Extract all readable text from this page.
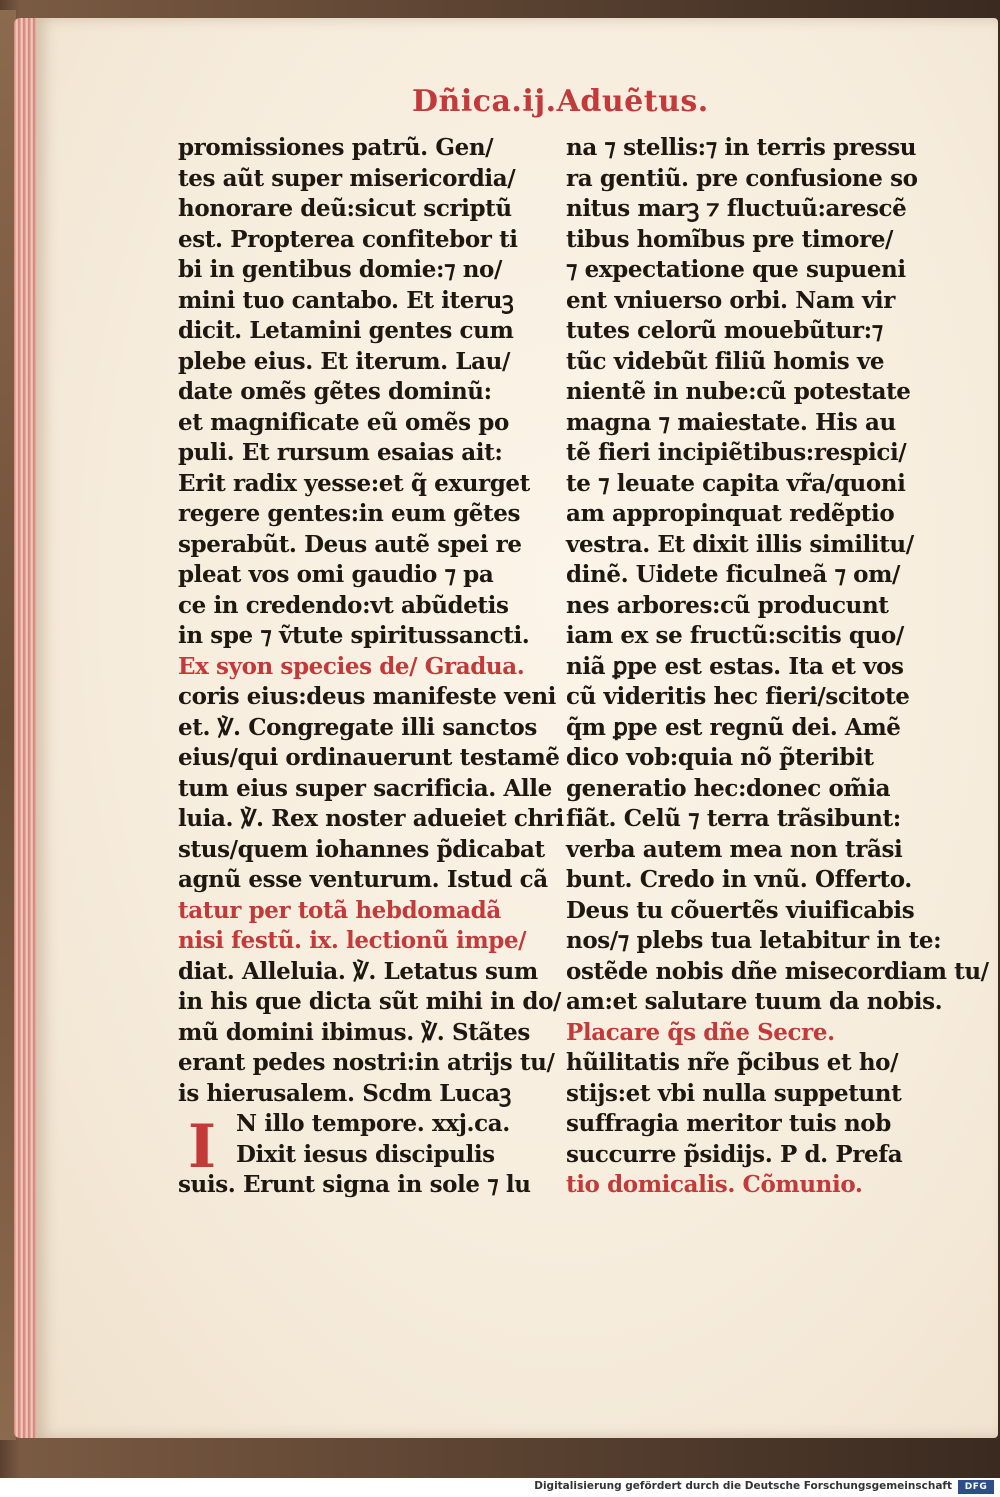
Dñica.ij.Aduẽtus.
I
promissiones patrũ. Gen/
tes aũt super misericordia/
honorare deũ:sicut scriptũ
est. Propterea confitebor ti
bi in gentibus domie:⁊ no/
mini tuo cantabo. Et iteruꝫ
dicit. Letamini gentes cum
plebe eius. Et iterum. Lau/
date omẽs gẽtes dominũ:
et magnificate eũ omẽs po
puli. Et rursum esaias ait:
Erit radix yesse:et q̃ exurget
regere gentes:in eum gẽtes
sperabũt. Deus autẽ spei re
pleat vos omi gaudio ⁊ pa
ce in credendo:vt abũdetis
in spe ⁊ ṽtute spiritussancti.
Ex syon species de/ Gradua.
coris eius:deus manifeste veni
et. ℣. Congregate illi sanctos
eius/qui ordinauerunt testamẽ
tum eius super sacrificia. Alle
luia. ℣. Rex noster adueiet chri
stus/quem iohannes p̃dicabat
agnũ esse venturum. Istud cã
tatur per totã hebdomadã
nisi festũ. ix. lectionũ impe/
diat. Alleluia. ℣. Letatus sum
in his que dicta sũt mihi in do/
mũ domini ibimus. ℣. Stãtes
erant pedes nostri:in atrijs tu/
is hierusalem. Scdm Lucaꝫ
N illo tempore. xxj.ca.
Dixit iesus discipulis
suis. Erunt signa in sole ⁊ lu
na ⁊ stellis:⁊ in terris pressu
ra gentiũ. pre confusione so
nitus marꝫ ⁊ fluctuũ:arescẽ
tibus homĩbus pre timore/
⁊ expectatione que supueni
ent vniuerso orbi. Nam vir
tutes celorũ mouebũtur:⁊
tũc videbũt filiũ homis ve
nientẽ in nube:cũ potestate
magna ⁊ maiestate. His au
tẽ fieri incipiẽtibus:respici/
te ⁊ leuate capita vr̃a/quoni
am appropinquat redẽptio
vestra. Et dixit illis similitu/
dinẽ. Uidete ficulneã ⁊ om/
nes arbores:cũ producunt
iam ex se fructũ:scitis quo/
niã ꝑpe est estas. Ita et vos
cũ videritis hec fieri/scitote
q̃m ꝑpe est regnũ dei. Amẽ
dico vob:quia nõ p̃teribit
generatio hec:donec om̃ia
fiãt. Celũ ⁊ terra trãsibunt:
verba autem mea non trãsi
bunt. Credo in vnũ. Offerto.
Deus tu cõuertẽs viuificabis
nos/⁊ plebs tua letabitur in te:
ostẽde nobis dñe misecordiam tu/
am:et salutare tuum da nobis.
Placare q̃s dñe Secre.
hũilitatis nr̃e p̃cibus et ho/
stijs:et vbi nulla suppetunt
suffragia meritor tuis nob
succurre p̃sidijs. P d. Prefa
tio domicalis. Cõmunio.
Digitalisierung gefördert durch die Deutsche Forschungsgemeinschaft	DFG
